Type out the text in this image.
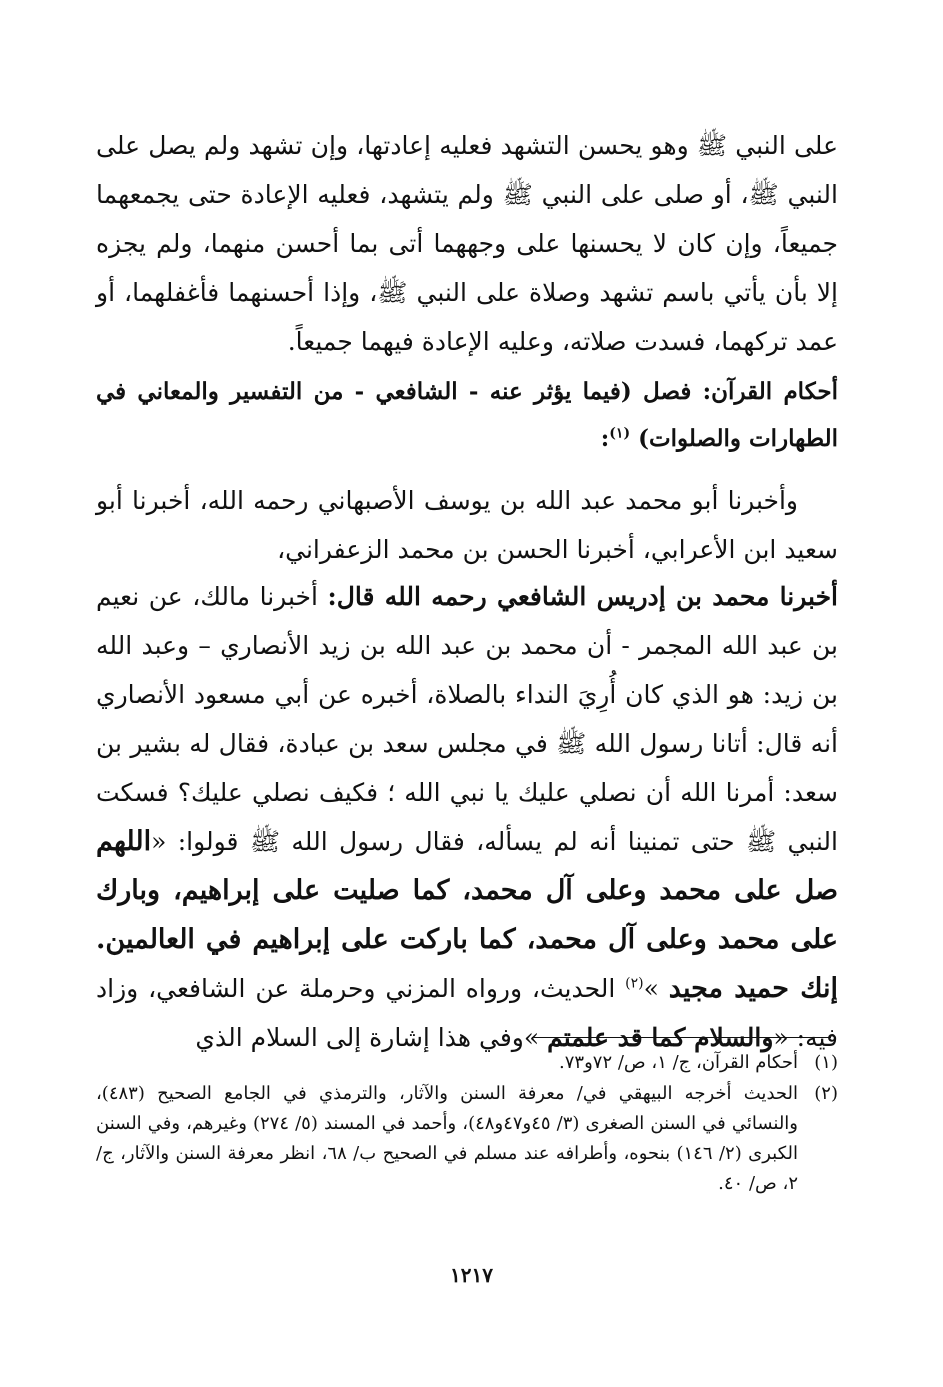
على النبي ﷺ وهو يحسن التشهد فعليه إعادتها، وإن تشهد ولم يصل على النبي ﷺ، أو صلى على النبي ﷺ ولم يتشهد، فعليه الإعادة حتى يجمعهما جميعاً، وإن كان لا يحسنها على وجههما أتى بما أحسن منهما، ولم يجزه إلا بأن يأتي باسم تشهد وصلاة على النبي ﷺ، وإذا أحسنهما فأغفلهما، أو عمد تركهما، فسدت صلاته، وعليه الإعادة فيهما جميعاً.

أحكام القرآن: فصل (فيما يؤثر عنه - الشافعي - من التفسير والمعاني في الطهارات والصلوات) $^{(١)}$:

وأخبرنا أبو محمد عبد الله بن يوسف الأصبهاني رحمه الله، أخبرنا أبو سعيد ابن الأعرابي، أخبرنا الحسن بن محمد الزعفراني،

أخبرنا محمد بن إدريس الشافعي رحمه الله قال: أخبرنا مالك، عن نعيم بن عبد الله المجمر - أن محمد بن عبد الله بن زيد الأنصاري – وعبد الله بن زيد: هو الذي كان أُرِيَ النداء بالصلاة، أخبره عن أبي مسعود الأنصاري أنه قال: أتانا رسول الله ﷺ في مجلس سعد بن عبادة، فقال له بشير بن سعد: أمرنا الله أن نصلي عليك يا نبي الله ؛ فكيف نصلي عليك؟ فسكت النبي ﷺ حتى تمنينا أنه لم يسأله، فقال رسول الله ﷺ قولوا: «اللهم صل على محمد وعلى آل محمد، كما صليت على إبراهيم، وبارك على محمد وعلى آل محمد، كما باركت على إبراهيم في العالمين. إنك حميد مجيد »$^{(٢)}$ الحديث، ورواه المزني وحرملة عن الشافعي، وزاد فيه: «والسلام كما قد علمتم »وفي هذا إشارة إلى السلام الذي

(١)
أحكام القرآن، ج/ ١، ص/ ٧٢و٧٣.
(٢)
الحديث أخرجه البيهقي في/ معرفة السنن والآثار، والترمذي في الجامع الصحيح (٤٨٣)، والنسائي في السنن الصغرى (٣/ ٤٥و٤٧و٤٨)، وأحمد في المسند (٥/ ٢٧٤) وغيرهم، وفي السنن الكبرى (٢/ ١٤٦) بنحوه، وأطرافه عند مسلم في الصحيح ب/ ٦٨، انظر معرفة السنن والآثار، ج/ ٢، ص/ ٤٠.
١٢١٧
